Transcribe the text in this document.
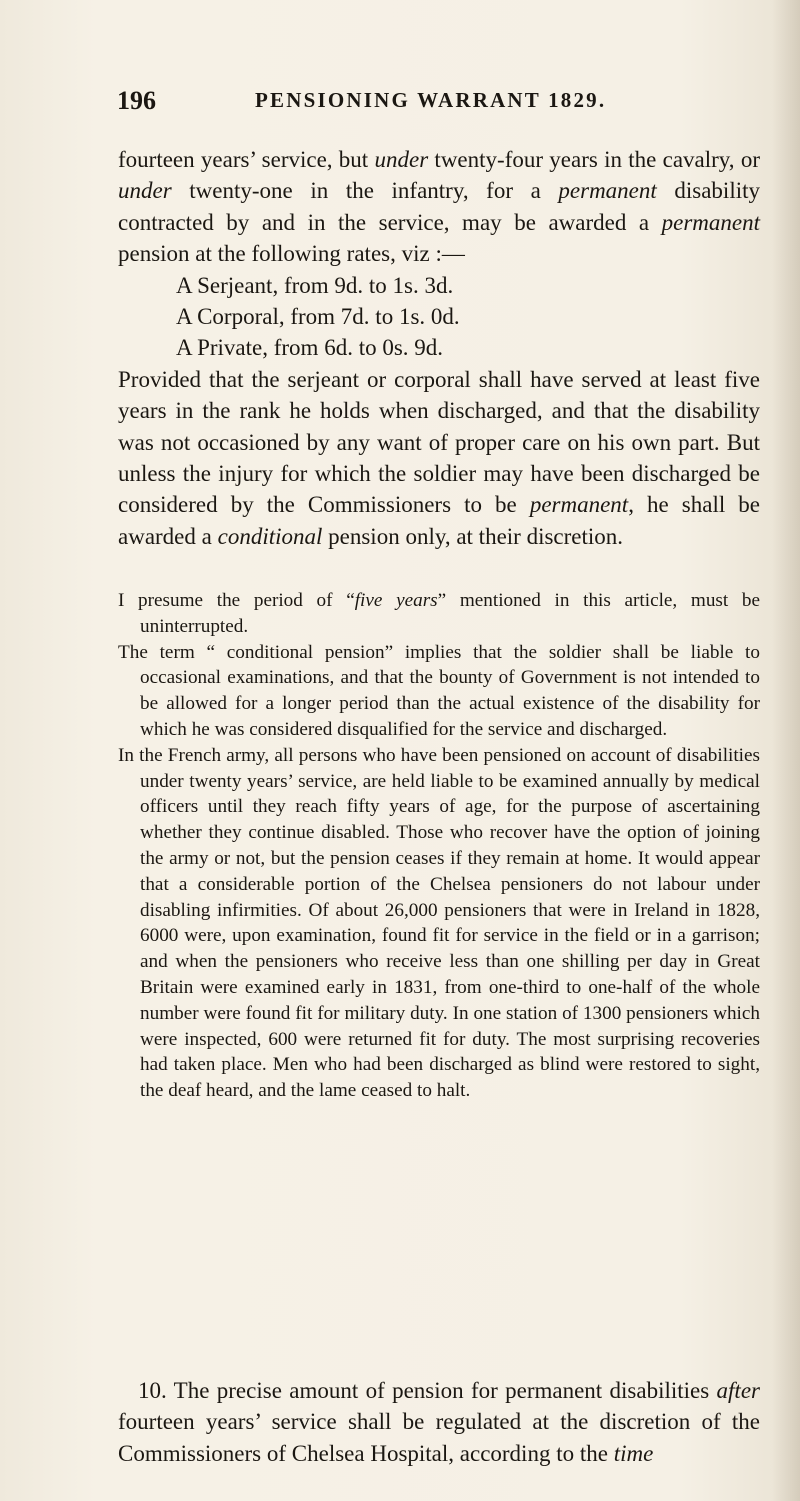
196	PENSIONING WARRANT 1829.

fourteen years’ service, but under twenty-four years in the cavalry, or under twenty-one in the infantry, for a permanent disability contracted by and in the service, may be awarded a permanent pension at the following rates, viz :—

A Serjeant, from 9d. to 1s. 3d.
A Corporal, from 7d. to 1s. 0d.
A Private, from 6d. to 0s. 9d.

Provided that the serjeant or corporal shall have served at least five years in the rank he holds when discharged, and that the disability was not occasioned by any want of proper care on his own part. But unless the injury for which the soldier may have been discharged be considered by the Commissioners to be permanent, he shall be awarded a conditional pension only, at their discretion.

I presume the period of “five years” mentioned in this article, must be uninterrupted.

The term “ conditional pension” implies that the soldier shall be liable to occasional examinations, and that the bounty of Government is not intended to be allowed for a longer period than the actual existence of the disability for which he was considered disqualified for the service and discharged.

In the French army, all persons who have been pensioned on account of disabilities under twenty years’ service, are held liable to be examined annually by medical officers until they reach fifty years of age, for the purpose of ascertaining whether they continue disabled. Those who recover have the option of joining the army or not, but the pension ceases if they remain at home. It would appear that a considerable portion of the Chelsea pensioners do not labour under disabling infirmities. Of about 26,000 pensioners that were in Ireland in 1828, 6000 were, upon examination, found fit for service in the field or in a garrison; and when the pensioners who receive less than one shilling per day in Great Britain were examined early in 1831, from one-third to one-half of the whole number were found fit for military duty. In one station of 1300 pensioners which were inspected, 600 were returned fit for duty. The most surprising recoveries had taken place. Men who had been discharged as blind were restored to sight, the deaf heard, and the lame ceased to halt.

10. The precise amount of pension for permanent disabilities after fourteen years’ service shall be regulated at the discretion of the Commissioners of Chelsea Hospital, according to the time
